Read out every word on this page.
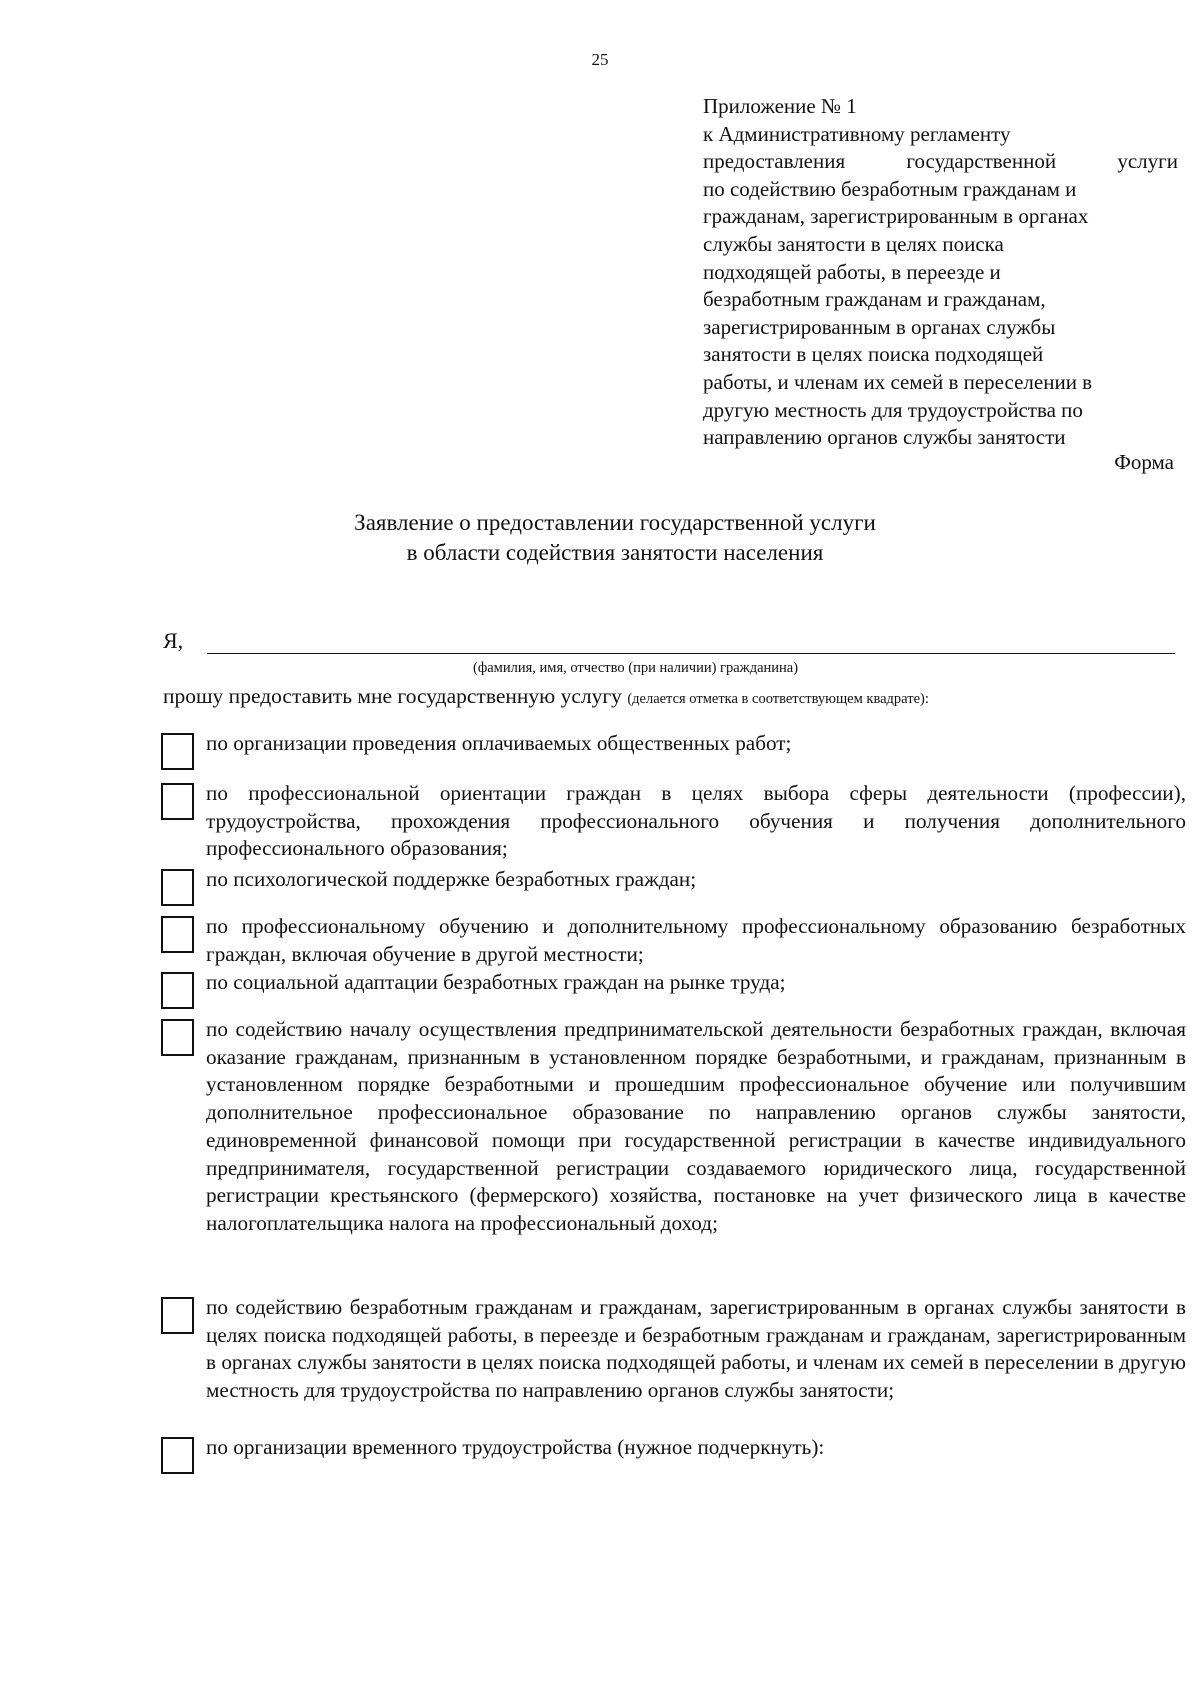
25
Приложение № 1
к Административному регламенту
предоставления государственной услуги
по содействию безработным гражданам и
гражданам, зарегистрированным в органах
службы занятости в целях поиска
подходящей работы, в переезде и
безработным гражданам и гражданам,
зарегистрированным в органах службы
занятости в целях поиска подходящей
работы, и членам их семей в переселении в
другую местность для трудоустройства по
направлению органов службы занятости
Форма
Заявление о предоставлении государственной услуги
в области содействия занятости населения
Я,
(фамилия, имя, отчество (при наличии) гражданина)
прошу предоставить мне государственную услугу (делается отметка в соответствующем квадрате):
по организации проведения оплачиваемых общественных работ;
по профессиональной ориентации граждан в целях выбора сферы деятельности (профессии), трудоустройства, прохождения профессионального обучения и получения дополнительного профессионального образования;
по психологической поддержке безработных граждан;
по профессиональному обучению и дополнительному профессиональному образованию безработных граждан, включая обучение в другой местности;
по социальной адаптации безработных граждан на рынке труда;
по содействию началу осуществления предпринимательской деятельности безработных граждан, включая оказание гражданам, признанным в установленном порядке безработными, и гражданам, признанным в установленном порядке безработными и прошедшим профессиональное обучение или получившим дополнительное профессиональное образование по направлению органов службы занятости, единовременной финансовой помощи при государственной регистрации в качестве индивидуального предпринимателя, государственной регистрации создаваемого юридического лица, государственной регистрации крестьянского (фермерского) хозяйства, постановке на учет физического лица в качестве налогоплательщика налога на профессиональный доход;
по содействию безработным гражданам и гражданам, зарегистрированным в органах службы занятости в целях поиска подходящей работы, в переезде и безработным гражданам и гражданам, зарегистрированным в органах службы занятости в целях поиска подходящей работы, и членам их семей в переселении в другую местность для трудоустройства по направлению органов службы занятости;
по организации временного трудоустройства (нужное подчеркнуть):
